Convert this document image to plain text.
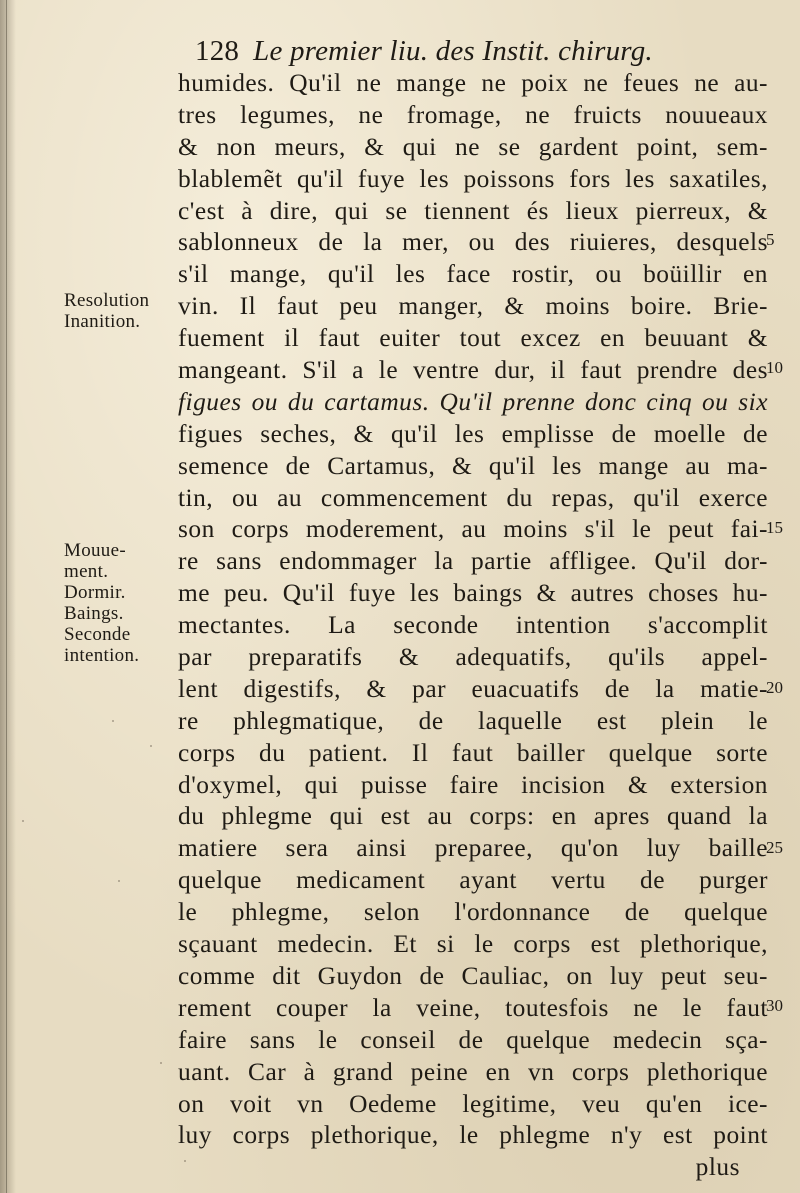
128 Le premier liu. des Instit. chirurg.
humides. Qu'il ne mange ne poix ne feues ne au-
tres legumes, ne fromage, ne fruicts nouueaux
& non meurs, & qui ne se gardent point, sem-
blablemẽt qu'il fuye les poissons fors les saxatiles,
c'est à dire, qui se tiennent és lieux pierreux, &
sablonneux de la mer, ou des riuieres, desquels
s'il mange, qu'il les face rostir, ou boüillir en
vin. Il faut peu manger, & moins boire. Brie-
fuement il faut euiter tout excez en beuuant &
mangeant. S'il a le ventre dur, il faut prendre des
figues ou du cartamus. Qu'il prenne donc cinq ou six
figues seches, & qu'il les emplisse de moelle de
semence de Cartamus, & qu'il les mange au ma-
tin, ou au commencement du repas, qu'il exerce
son corps moderement, au moins s'il le peut fai-
re sans endommager la partie affligee. Qu'il dor-
me peu. Qu'il fuye les baings & autres choses hu-
mectantes. La seconde intention s'accomplit
par preparatifs & adequatifs, qu'ils appel-
lent digestifs, & par euacuatifs de la matie-
re phlegmatique, de laquelle est plein le
corps du patient. Il faut bailler quelque sorte
d'oxymel, qui puisse faire incision & extersion
du phlegme qui est au corps: en apres quand la
matiere sera ainsi preparee, qu'on luy baille
quelque medicament ayant vertu de purger
le phlegme, selon l'ordonnance de quelque
sçauant medecin. Et si le corps est plethorique,
comme dit Guydon de Cauliac, on luy peut seu-
rement couper la veine, toutesfois ne le faut
faire sans le conseil de quelque medecin sça-
uant. Car à grand peine en vn corps plethorique
on voit vn Oedeme legitime, veu qu'en ice-
luy corps plethorique, le phlegme n'y est point
plus
Resolution
Inanition.
Mouue-
ment.
Dormir.
Baings.
Seconde
intention.
5
10
15
20
25
30
